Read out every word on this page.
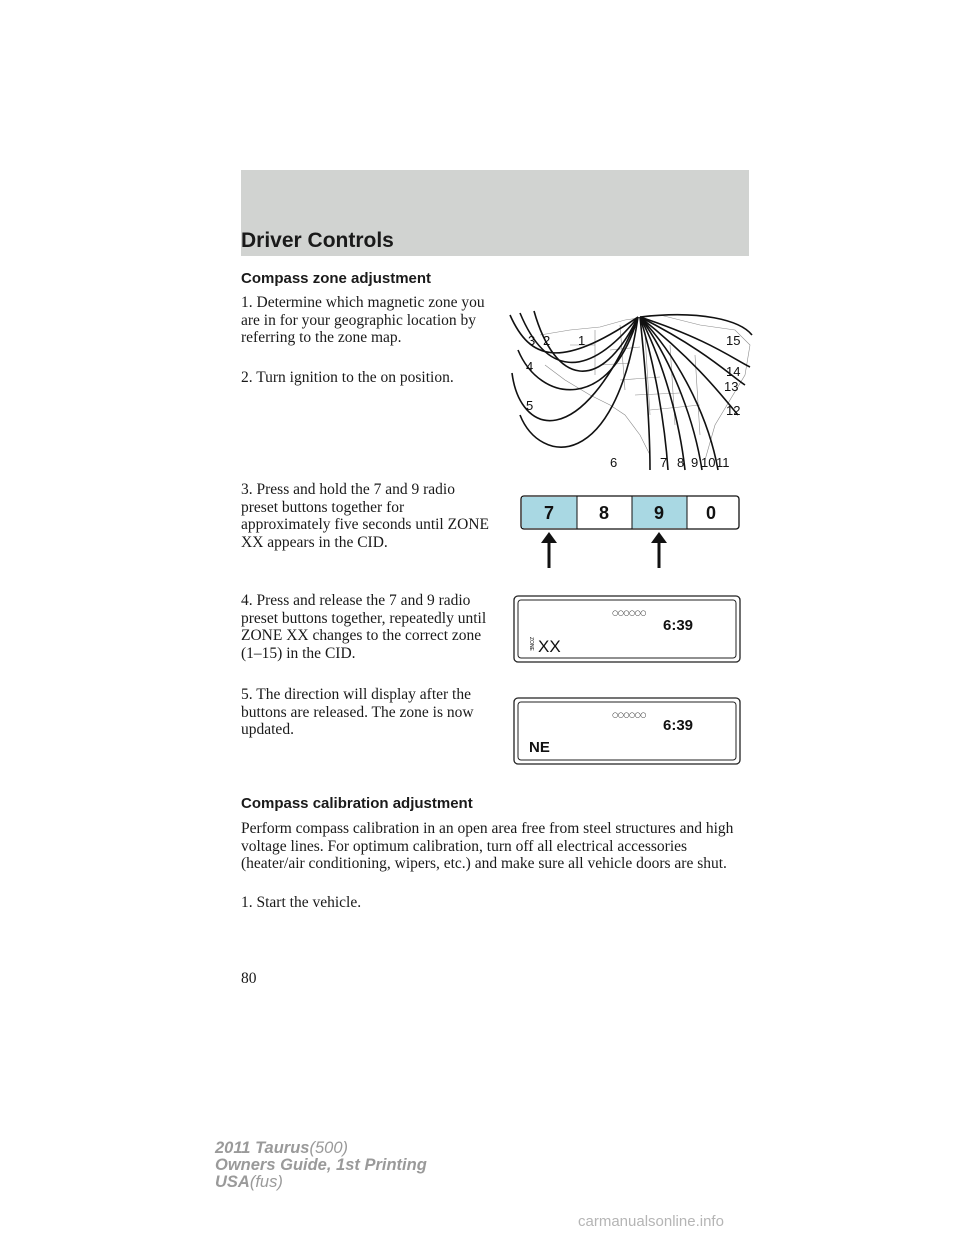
Driver Controls
Compass zone adjustment

1. Determine which magnetic zone you are in for your geographic location by referring to the zone map.

2. Turn ignition to the on position.

3. Press and hold the 7 and 9 radio preset buttons together for approximately five seconds until ZONE XX appears in the CID.

4. Press and release the 7 and 9 radio preset buttons together, repeatedly until ZONE XX changes to the correct zone (1–15) in the CID.

5. The direction will display after the buttons are released. The zone is now updated.

1
2
3
4
5
6	7 8 9 10 11
12
13
14
15
7 8 9 0
○○○○○○
6:39
ZONE XX
○○○○○○
6:39
NE
Compass calibration adjustment

Perform compass calibration in an open area free from steel structures and high voltage lines. For optimum calibration, turn off all electrical accessories (heater/air conditioning, wipers, etc.) and make sure all vehicle doors are shut.

1. Start the vehicle.

80
2011 Taurus(500)
Owners Guide, 1st Printing
USA(fus)
carmanualsonline.info
